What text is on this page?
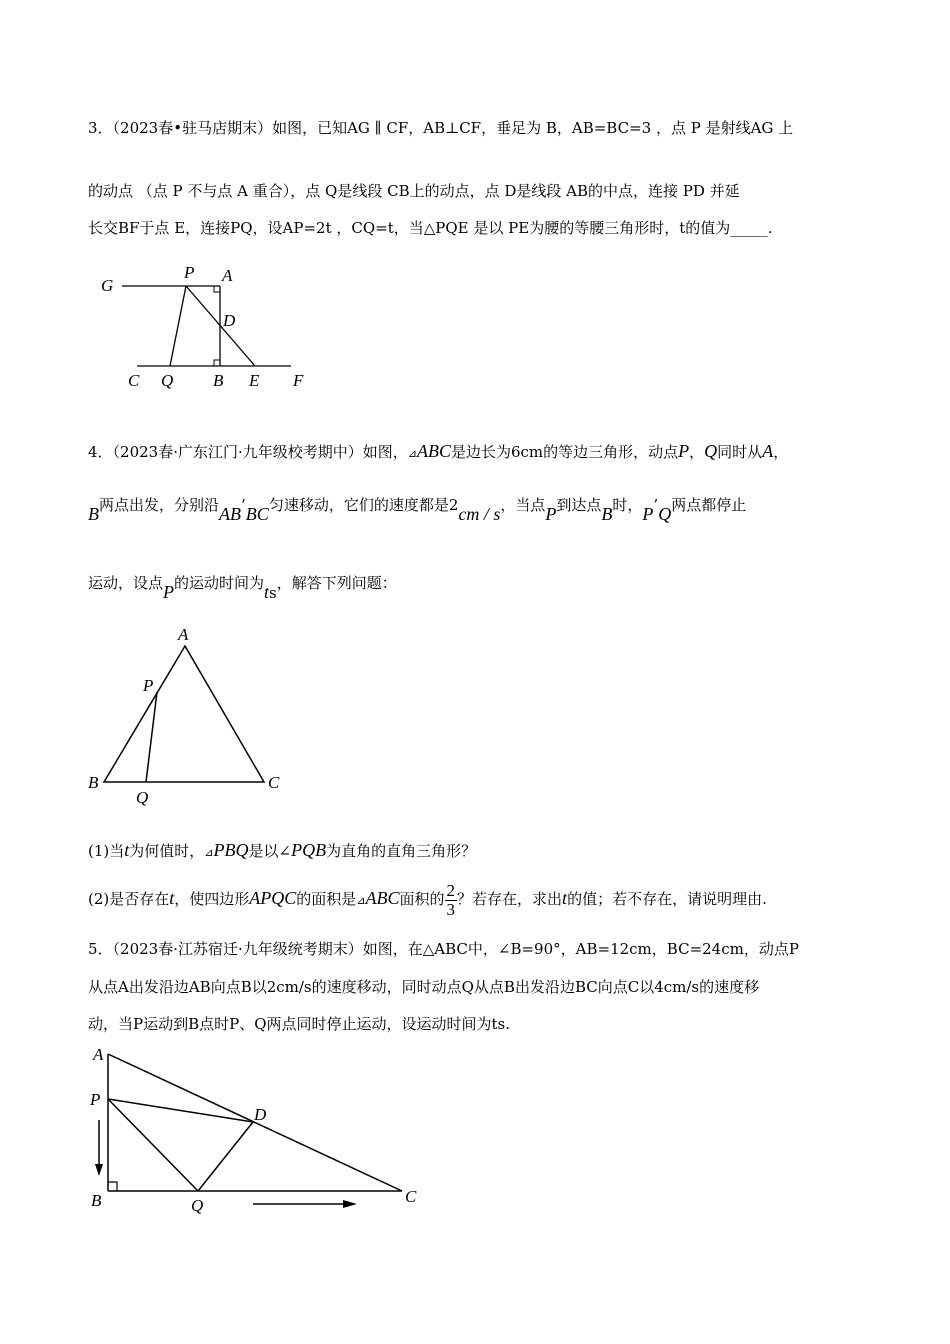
3．（2023春•驻马店期末）如图，已知AG ∥ CF，AB⊥CF，垂足为 B，AB=BC=3 ，点 P 是射线AG 上
的动点 （点 P 不与点 A 重合），点 Q是线段 CB上的动点，点 D是线段 AB的中点，连接 PD 并延
长交BF于点 E，连接PQ，设AP=2t ，CQ=t，当△PQE 是以 PE为腰的等腰三角形时，t的值为_____.
G
P A
D
C Q B E F
4．（2023春·广东江门·九年级校考期中）如图，⊿ABC是边长为6cm的等边三角形，动点P，Q同时从A，
B两点出发，分别沿AB’BC匀速移动，它们的速度都是2cm / s，当点P到达点B时，P’Q两点都停止
运动，设点P的运动时间为ts，解答下列问题：
A
P
B
Q
C
(1)当t为何值时，⊿PBQ是以∠PQB为直角的直角三角形？
(2)是否存在t，使四边形APQC的面积是⊿ABC面积的 $\frac{2}{3}$ ？若存在，求出t的值；若不存在，请说明理由.
5．（2023春·江苏宿迁·九年级统考期末）如图，在△ABC中，∠B=90°，AB=12cm，BC=24cm，动点P
从点A出发沿边AB向点B以2cm/s的速度移动，同时动点Q从点B出发沿边BC向点C以4cm/s的速度移
动，当P运动到B点时P、Q两点同时停止运动，设运动时间为ts.
A
P
D
B	Q	C
